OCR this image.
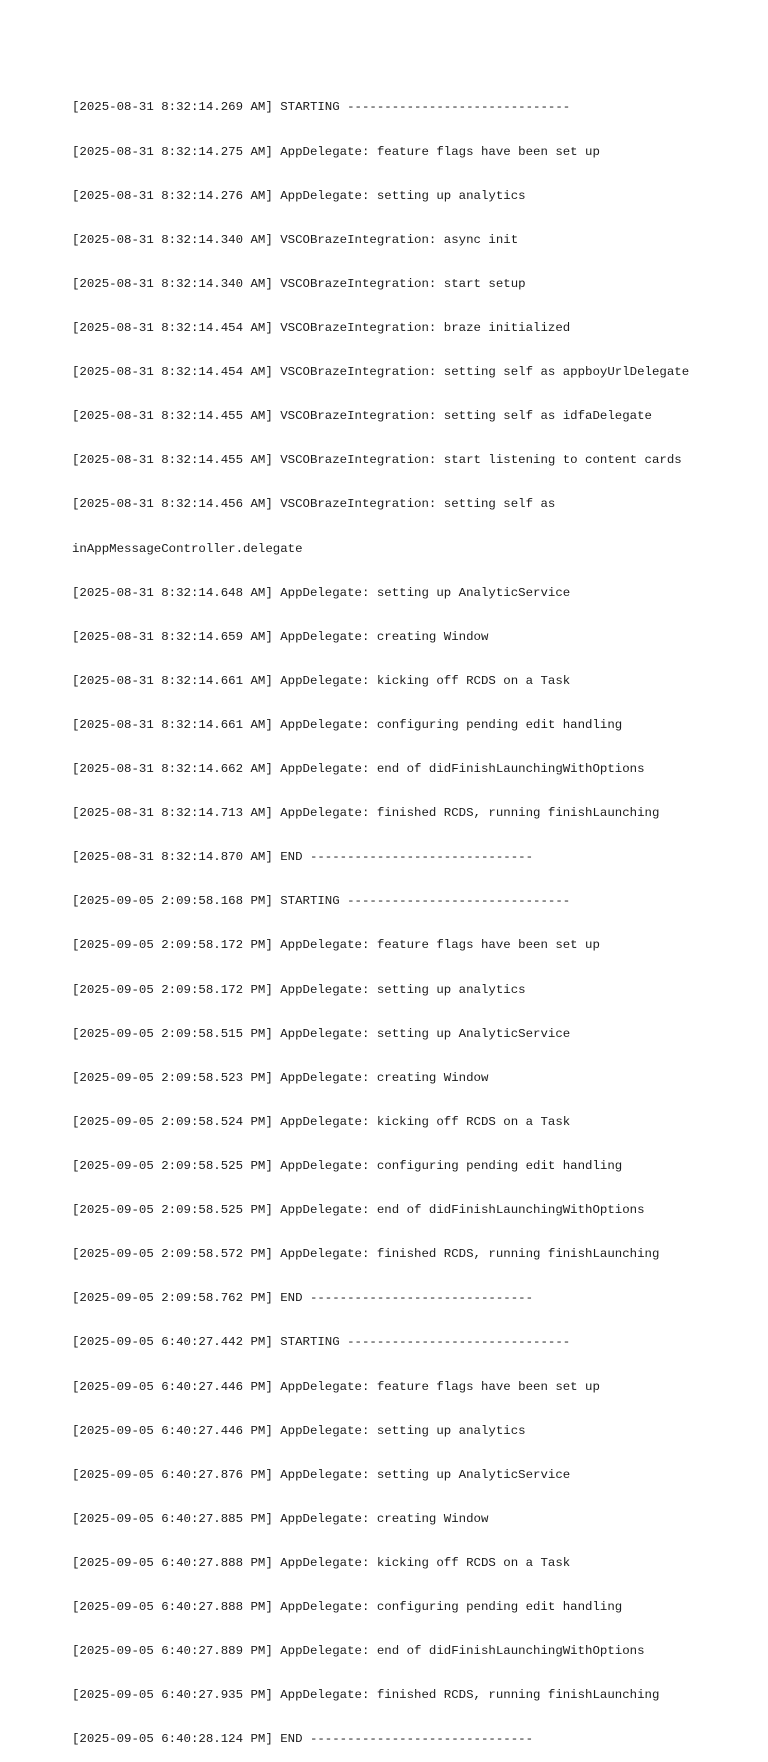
[2025-08-31 8:32:14.269 AM] STARTING ------------------------------

[2025-08-31 8:32:14.275 AM] AppDelegate: feature flags have been set up

[2025-08-31 8:32:14.276 AM] AppDelegate: setting up analytics

[2025-08-31 8:32:14.340 AM] VSCOBrazeIntegration: async init

[2025-08-31 8:32:14.340 AM] VSCOBrazeIntegration: start setup

[2025-08-31 8:32:14.454 AM] VSCOBrazeIntegration: braze initialized

[2025-08-31 8:32:14.454 AM] VSCOBrazeIntegration: setting self as appboyUrlDelegate

[2025-08-31 8:32:14.455 AM] VSCOBrazeIntegration: setting self as idfaDelegate

[2025-08-31 8:32:14.455 AM] VSCOBrazeIntegration: start listening to content cards

[2025-08-31 8:32:14.456 AM] VSCOBrazeIntegration: setting self as

inAppMessageController.delegate

[2025-08-31 8:32:14.648 AM] AppDelegate: setting up AnalyticService

[2025-08-31 8:32:14.659 AM] AppDelegate: creating Window

[2025-08-31 8:32:14.661 AM] AppDelegate: kicking off RCDS on a Task

[2025-08-31 8:32:14.661 AM] AppDelegate: configuring pending edit handling

[2025-08-31 8:32:14.662 AM] AppDelegate: end of didFinishLaunchingWithOptions

[2025-08-31 8:32:14.713 AM] AppDelegate: finished RCDS, running finishLaunching

[2025-08-31 8:32:14.870 AM] END ------------------------------

[2025-09-05 2:09:58.168 PM] STARTING ------------------------------

[2025-09-05 2:09:58.172 PM] AppDelegate: feature flags have been set up

[2025-09-05 2:09:58.172 PM] AppDelegate: setting up analytics

[2025-09-05 2:09:58.515 PM] AppDelegate: setting up AnalyticService

[2025-09-05 2:09:58.523 PM] AppDelegate: creating Window

[2025-09-05 2:09:58.524 PM] AppDelegate: kicking off RCDS on a Task

[2025-09-05 2:09:58.525 PM] AppDelegate: configuring pending edit handling

[2025-09-05 2:09:58.525 PM] AppDelegate: end of didFinishLaunchingWithOptions

[2025-09-05 2:09:58.572 PM] AppDelegate: finished RCDS, running finishLaunching

[2025-09-05 2:09:58.762 PM] END ------------------------------

[2025-09-05 6:40:27.442 PM] STARTING ------------------------------

[2025-09-05 6:40:27.446 PM] AppDelegate: feature flags have been set up

[2025-09-05 6:40:27.446 PM] AppDelegate: setting up analytics

[2025-09-05 6:40:27.876 PM] AppDelegate: setting up AnalyticService

[2025-09-05 6:40:27.885 PM] AppDelegate: creating Window

[2025-09-05 6:40:27.888 PM] AppDelegate: kicking off RCDS on a Task

[2025-09-05 6:40:27.888 PM] AppDelegate: configuring pending edit handling

[2025-09-05 6:40:27.889 PM] AppDelegate: end of didFinishLaunchingWithOptions

[2025-09-05 6:40:27.935 PM] AppDelegate: finished RCDS, running finishLaunching

[2025-09-05 6:40:28.124 PM] END ------------------------------
